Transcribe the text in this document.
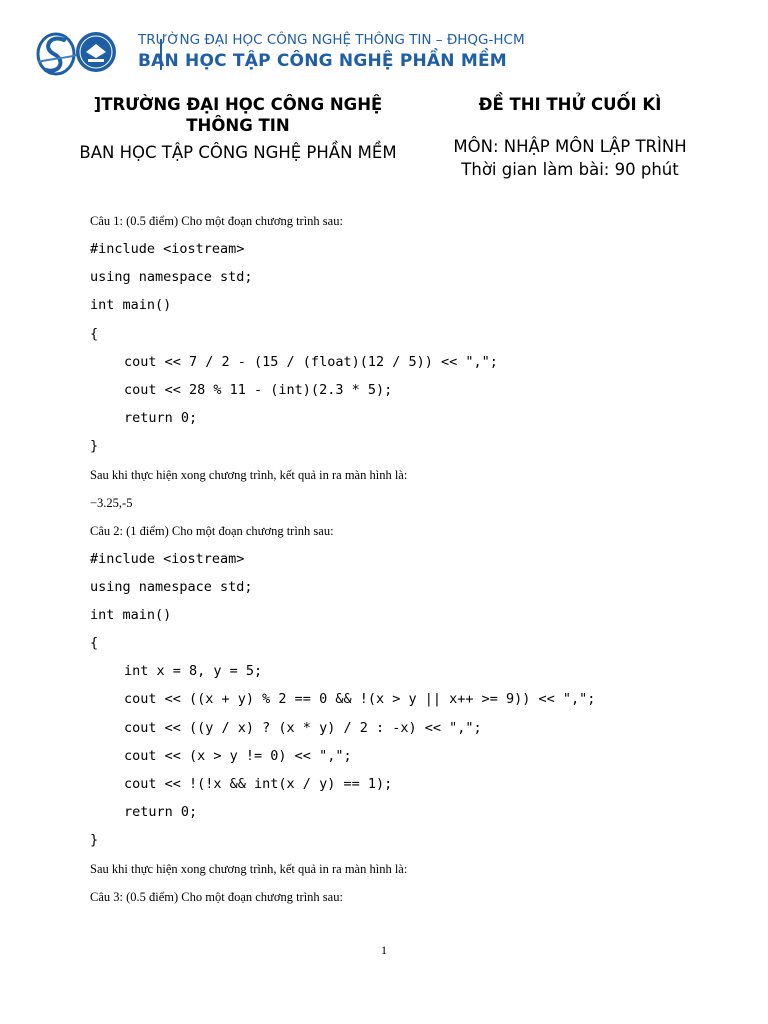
TRƯỜNG ĐẠI HỌC CÔNG NGHỆ THÔNG TIN – ĐHQG-HCM
BAN HỌC TẬP CÔNG NGHỆ PHẦN MỀM
]TRƯỜNG ĐẠI HỌC CÔNG NGHỆ THÔNG TIN
BAN HỌC TẬP CÔNG NGHỆ PHẦN MỀM
ĐỀ THI THỬ CUỐI KÌ
MÔN: NHẬP MÔN LẬP TRÌNH
Thời gian làm bài: 90 phút
Câu 1: (0.5 điểm) Cho một đoạn chương trình sau:
#include <iostream>
using namespace std;
int main()
{
cout << 7 / 2 - (15 / (float)(12 / 5)) << ",";
cout << 28 % 11 - (int)(2.3 * 5);
return 0;
}
Sau khi thực hiện xong chương trình, kết quả in ra màn hình là:
−3.25,-5
Câu 2: (1 điểm) Cho một đoạn chương trình sau:
#include <iostream>
using namespace std;
int main()
{
int x = 8, y = 5;
cout << ((x + y) % 2 == 0 && !(x > y || x++ >= 9)) << ",";
cout << ((y / x) ? (x * y) / 2 : -x) << ",";
cout << (x > y != 0) << ",";
cout << !(!x && int(x / y) == 1);
return 0;
}
Sau khi thực hiện xong chương trình, kết quả in ra màn hình là:
Câu 3: (0.5 điểm) Cho một đoạn chương trình sau:
1
